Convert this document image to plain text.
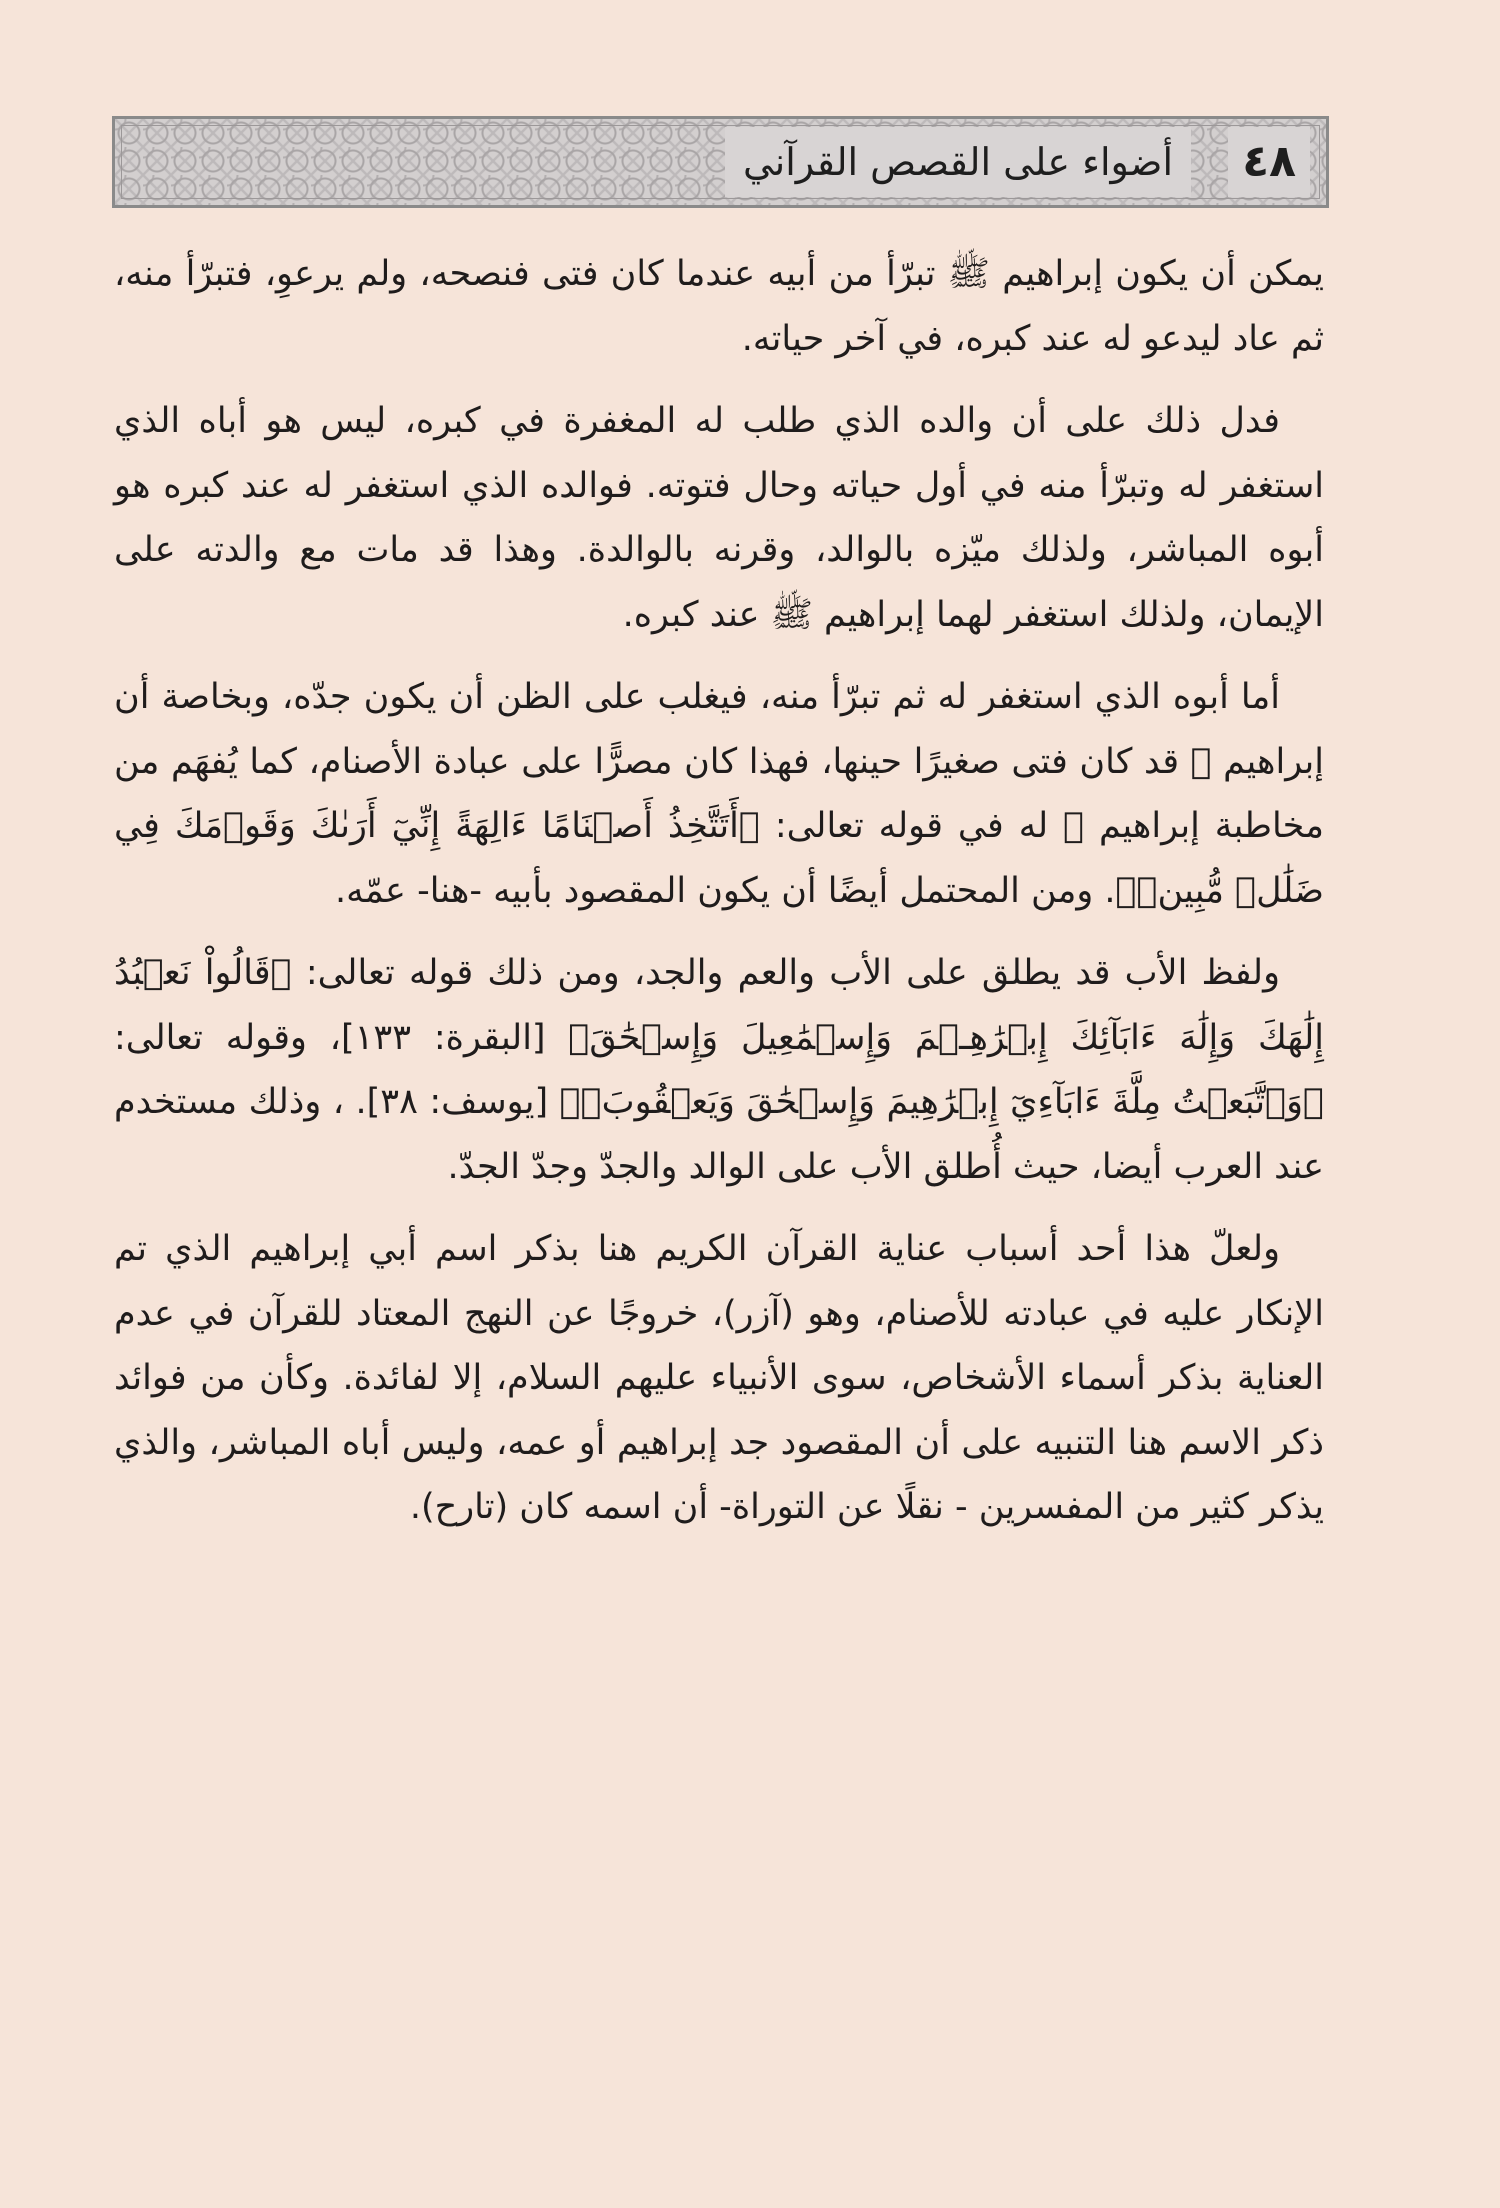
٤٨
أضواء على القصص القرآني

يمكن أن يكون إبراهيم ﷺ تبرّأ من أبيه عندما كان فتى فنصحه، ولم يرعوِ، فتبرّأ منه، ثم عاد ليدعو له عند كبره، في آخر حياته.

فدل ذلك على أن والده الذي طلب له المغفرة في كبره، ليس هو أباه الذي استغفر له وتبرّأ منه في أول حياته وحال فتوته. فوالده الذي استغفر له عند كبره هو أبوه المباشر، ولذلك ميّزه بالوالد، وقرنه بالوالدة. وهذا قد مات مع والدته على الإيمان، ولذلك استغفر لهما إبراهيم ﷺ عند كبره.

أما أبوه الذي استغفر له ثم تبرّأ منه، فيغلب على الظن أن يكون جدّه، وبخاصة أن إبراهيم ﷺ قد كان فتى صغيرًا حينها، فهذا كان مصرًّا على عبادة الأصنام، كما يُفهَم من مخاطبة إبراهيم ﷺ له في قوله تعالى: ﴿أَتَتَّخِذُ أَصۡنَامًا ءَالِهَةً إِنِّيٓ أَرَىٰكَ وَقَوۡمَكَ فِي ضَلَٰلٖ مُّبِينٖ﴾. ومن المحتمل أيضًا أن يكون المقصود بأبيه -هنا- عمّه.

ولفظ الأب قد يطلق على الأب والعم والجد، ومن ذلك قوله تعالى: ﴿قَالُواْ نَعۡبُدُ إِلَٰهَكَ وَإِلَٰهَ ءَابَآئِكَ إِبۡرَٰهِـۧمَ وَإِسۡمَٰعِيلَ وَإِسۡحَٰقَ﴾ [البقرة: ١٣٣]، وقوله تعالى: ﴿وَٱتَّبَعۡتُ مِلَّةَ ءَابَآءِيٓ إِبۡرَٰهِيمَ وَإِسۡحَٰقَ وَيَعۡقُوبَۚ﴾ [يوسف: ٣٨]. ، وذلك مستخدم عند العرب أيضا، حيث أُطلق الأب على الوالد والجدّ وجدّ الجدّ.

ولعلّ هذا أحد أسباب عناية القرآن الكريم هنا بذكر اسم أبي إبراهيم الذي تم الإنكار عليه في عبادته للأصنام، وهو (آزر)، خروجًا عن النهج المعتاد للقرآن في عدم العناية بذكر أسماء الأشخاص، سوى الأنبياء عليهم السلام، إلا لفائدة. وكأن من فوائد ذكر الاسم هنا التنبيه على أن المقصود جد إبراهيم أو عمه، وليس أباه المباشر، والذي يذكر كثير من المفسرين - نقلًا عن التوراة- أن اسمه كان (تارح).
